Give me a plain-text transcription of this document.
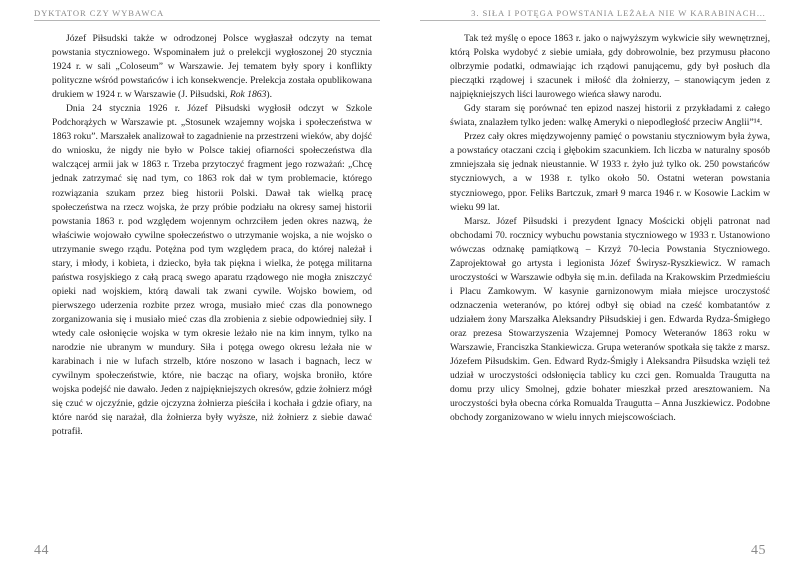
DYKTATOR CZY WYBAWCA

Józef Piłsudski także w odrodzonej Polsce wygłaszał odczyty na temat powstania styczniowego. Wspominałem już o prelekcji wygłoszonej 20 stycznia 1924 r. w sali „Coloseum” w Warszawie. Jej tematem były spory i konflikty polityczne wśród powstańców i ich konsekwencje. Prelekcja została opublikowana drukiem w 1924 r. w Warszawie (J. Piłsudski, Rok 1863).

Dnia 24 stycznia 1926 r. Józef Piłsudski wygłosił odczyt w Szkole Podchorążych w Warszawie pt. „Stosunek wzajemny wojska i społeczeństwa w 1863 roku”. Marszałek analizował to zagadnienie na przestrzeni wieków, aby dojść do wniosku, że nigdy nie było w Polsce takiej ofiarności społeczeństwa dla walczącej armii jak w 1863 r. Trzeba przytoczyć fragment jego rozważań: „Chcę jednak zatrzymać się nad tym, co 1863 rok dał w tym problemacie, którego rozwiązania szukam przez bieg historii Polski. Dawał tak wielką pracę społeczeństwa na rzecz wojska, że przy próbie podziału na okresy samej historii powstania 1863 r. pod względem wojennym ochrzciłem jeden okres nazwą, że właściwie wojowało cywilne społeczeństwo o utrzymanie wojska, a nie wojsko o utrzymanie swego rządu. Potężna pod tym względem praca, do której należał i stary, i młody, i kobieta, i dziecko, była tak piękna i wielka, że potęga militarna państwa rosyjskiego z całą pracą swego aparatu rządowego nie mogła zniszczyć opieki nad wojskiem, którą dawali tak zwani cywile. Wojsko bowiem, od pierwszego uderzenia rozbite przez wroga, musiało mieć czas dla ponownego zorganizowania się i musiało mieć czas dla zrobienia z siebie odpowiedniej siły. I wtedy cale osłonięcie wojska w tym okresie leżało nie na kim innym, tylko na narodzie nie ubranym w mundury. Siła i potęga owego okresu leżała nie w karabinach i nie w lufach strzelb, które noszono w lasach i bagnach, lecz w cywilnym społeczeństwie, które, nie bacząc na ofiary, wojska broniło, które wojska podejść nie dawało. Jeden z najpiękniejszych okresów, gdzie żołnierz mógł się czuć w ojczyźnie, gdzie ojczyzna żołnierza pieściła i kochała i gdzie ofiary, na które naród się narażał, dla żołnierza były wyższe, niż żołnierz z siebie dawać potrafił.

44
3. SIŁA I POTĘGA POWSTANIA LEŻAŁA NIE W KARABINACH…

Tak też myślę o epoce 1863 r. jako o najwyższym wykwicie siły wewnętrznej, którą Polska wydobyć z siebie umiała, gdy dobrowolnie, bez przymusu płacono olbrzymie podatki, odmawiając ich rządowi panującemu, gdy był posłuch dla pieczątki rządowej i szacunek i miłość dla żołnierzy, – stanowiącym jeden z najpiękniejszych liści laurowego wieńca sławy narodu.

Gdy staram się porównać ten epizod naszej historii z przykładami z całego świata, znalazłem tylko jeden: walkę Ameryki o niepodległość przeciw Anglii”¹⁴.

Przez cały okres międzywojenny pamięć o powstaniu styczniowym była żywa, a powstańcy otaczani czcią i głębokim szacunkiem. Ich liczba w naturalny sposób zmniejszała się jednak nieustannie. W 1933 r. żyło już tylko ok. 250 powstańców styczniowych, a w 1938 r. tylko około 50. Ostatni weteran powstania styczniowego, ppor. Feliks Bartczuk, zmarł 9 marca 1946 r. w Kosowie Lackim w wieku 99 lat.

Marsz. Józef Piłsudski i prezydent Ignacy Mościcki objęli patronat nad obchodami 70. rocznicy wybuchu powstania styczniowego w 1933 r. Ustanowiono wówczas odznakę pamiątkową – Krzyż 70-lecia Powstania Styczniowego. Zaprojektował go artysta i legionista Józef Świrysz-Ryszkiewicz. W ramach uroczystości w Warszawie odbyła się m.in. defilada na Krakowskim Przedmieściu i Placu Zamkowym. W kasynie garnizonowym miała miejsce uroczystość odznaczenia weteranów, po której odbył się obiad na cześć kombatantów z udziałem żony Marszałka Aleksandry Piłsudskiej i gen. Edwarda Rydza-Śmigłego oraz prezesa Stowarzyszenia Wzajemnej Pomocy Weteranów 1863 roku w Warszawie, Franciszka Stankiewicza. Grupa weteranów spotkała się także z marsz. Józefem Piłsudskim. Gen. Edward Rydz-Śmigły i Aleksandra Piłsudska wzięli też udział w uroczystości odsłonięcia tablicy ku czci gen. Romualda Traugutta na domu przy ulicy Smolnej, gdzie bohater mieszkał przed aresztowaniem. Na uroczystości była obecna córka Romualda Traugutta – Anna Juszkiewicz. Podobne obchody zorganizowano w wielu innych miejscowościach.

45
